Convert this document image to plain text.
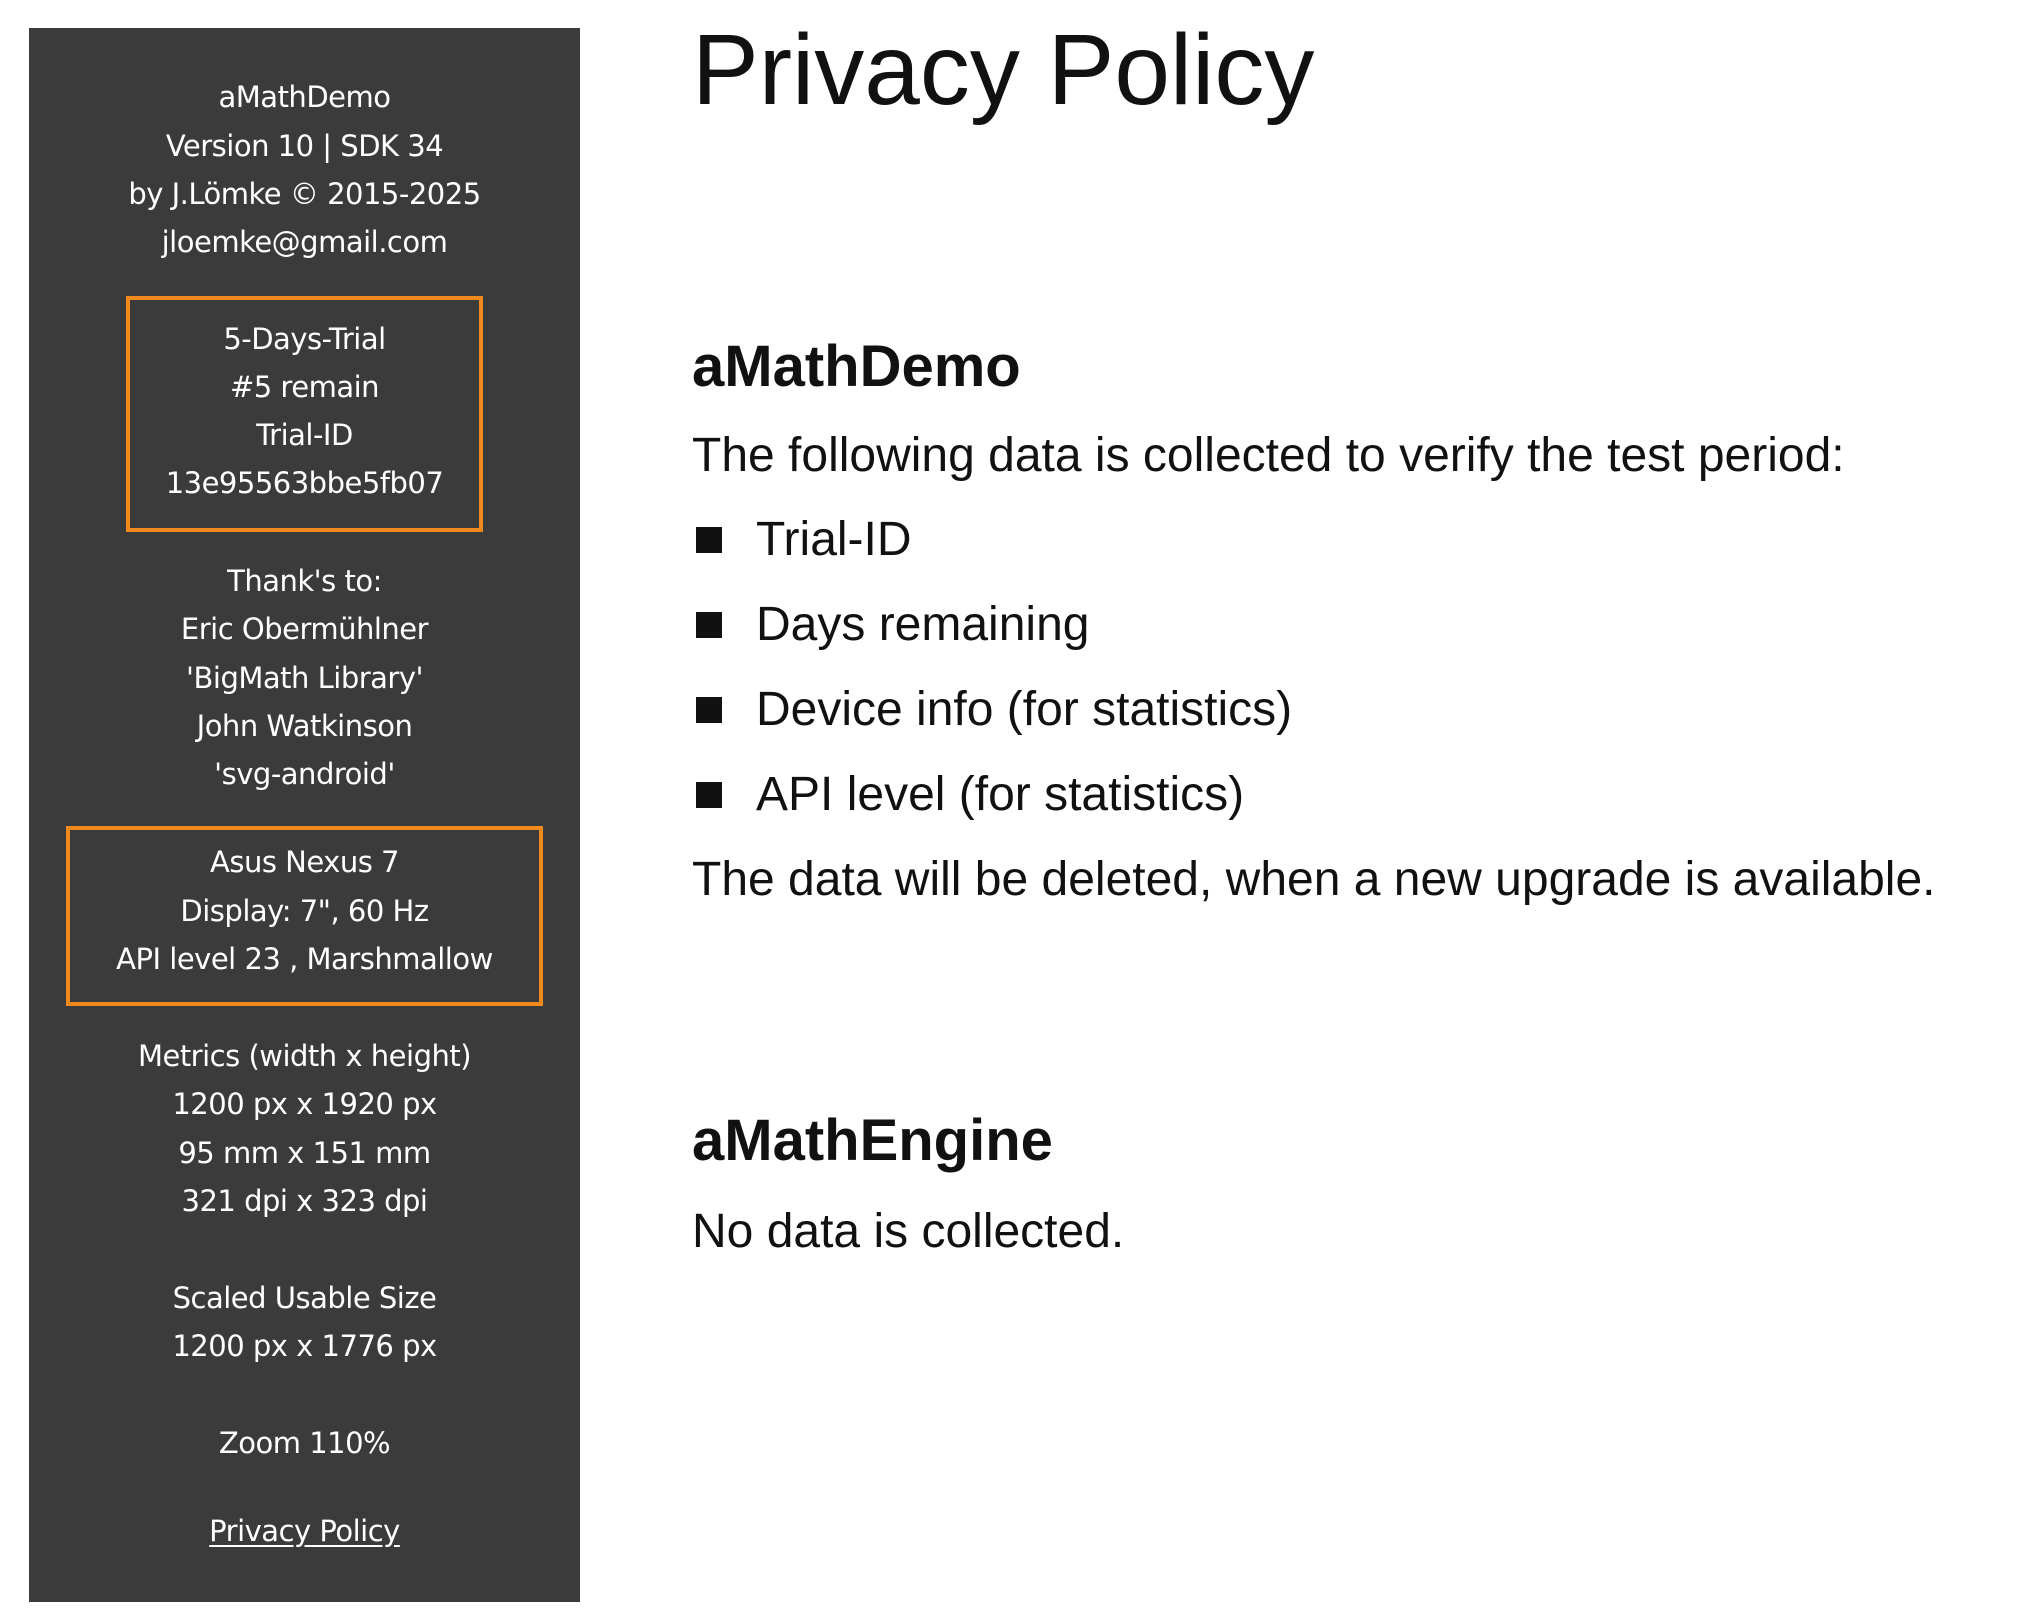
aMathDemo
Version 10 | SDK 34
by J.Lömke © 2015-2025
jloemke@gmail.com
5-Days-Trial
#5 remain
Trial-ID
13e95563bbe5fb07
Thank's to:
Eric Obermühlner
'BigMath Library'
John Watkinson
'svg-android'
Asus Nexus 7
Display: 7", 60 Hz
API level 23 , Marshmallow
Metrics (width x height)
1200 px x 1920 px
95 mm x 151 mm
321 dpi x 323 dpi
Scaled Usable Size
1200 px x 1776 px
Zoom 110%
Privacy Policy
Privacy Policy
aMathDemo

The following data is collected to verify the test period:

Trial-ID
Days remaining
Device info (for statistics)
API level (for statistics)

The data will be deleted, when a new upgrade is available.

aMathEngine

No data is collected.
